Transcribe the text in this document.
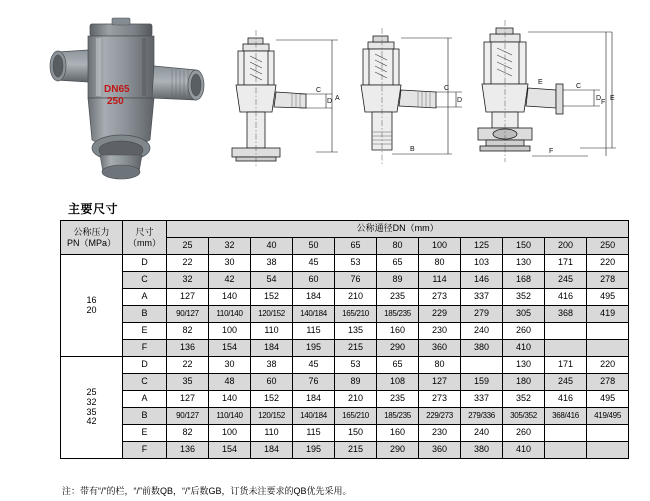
DN65
250
C
D A
C
D
B
C
D
E
F
F
E
主要尺寸
公称压力
PN（MPa）

尺寸
（mm）
	公称通径DN（mm）
		25	32	40	50	65	80	100	125	150	200	250

16
20	D	22	30	38	45	53	65	80	103	130	171	220
	C	32	42	54	60	76	89	114	146	168	245	278
	A	127	140	152	184	210	235	273	337	352	416	495
	B	90/127	110/140	120/152	140/184	165/210	185/235	229	279	305	368	419
	E	82	100	110	115	135	160	230	240	260		
	F	136	154	184	195	215	290	360	380	410		

25
32
35
42	D	22	30	38	45	53	65	80		130	171	220
	C	35	48	60	76	89	108	127	159	180	245	278
	A	127	140	152	184	210	235	273	337	352	416	495
	B	90/127	110/140	120/152	140/184	165/210	185/235	229/273	279/336	305/352	368/416	419/495
	E	82	100	110	115	150	160	230	240	260		
	F	136	154	184	195	215	290	360	380	410		
注：带有“/”的栏，“/”前数QB，“/”后数GB，订货未注要求的QB优先采用。
